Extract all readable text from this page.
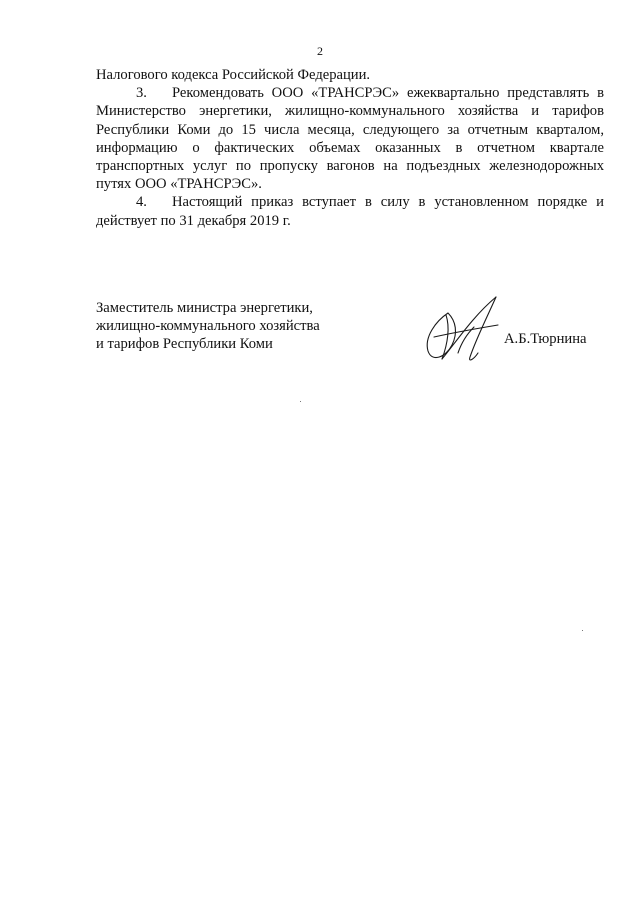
2

Налогового кодекса Российской Федерации.

3. Рекомендовать ООО «ТРАНСРЭС» ежеквартально представлять в Министерство энергетики, жилищно-коммунального хозяйства и тарифов Республики Коми до 15 числа месяца, следующего за отчетным кварталом, информацию о фактических объемах оказанных в отчетном квартале транспортных услуг по пропуску вагонов на подъездных железнодорожных путях ООО «ТРАНСРЭС».

4. Настоящий приказ вступает в силу в установленном порядке и действует по 31 декабря 2019 г.

Заместитель министра энергетики,
жилищно-коммунального хозяйства
и тарифов Республики Коми	А.Б.Тюрнина
